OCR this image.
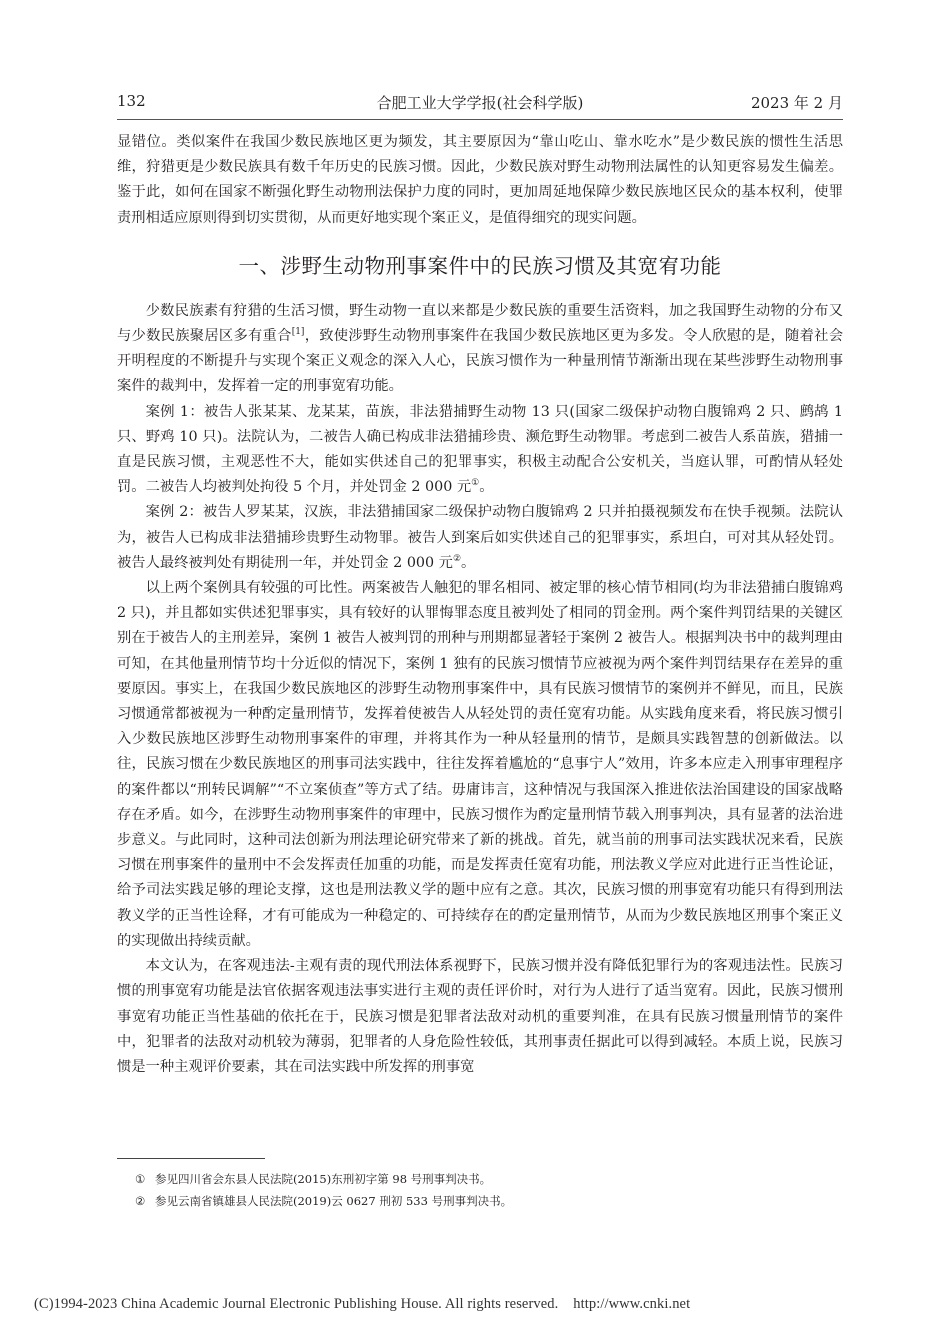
132	合肥工业大学学报(社会科学版)	2023 年 2 月

显错位。类似案件在我国少数民族地区更为频发，其主要原因为“靠山吃山、靠水吃水”是少数民族的惯性生活思维，狩猎更是少数民族具有数千年历史的民族习惯。因此，少数民族对野生动物刑法属性的认知更容易发生偏差。鉴于此，如何在国家不断强化野生动物刑法保护力度的同时，更加周延地保障少数民族地区民众的基本权利，使罪责刑相适应原则得到切实贯彻，从而更好地实现个案正义，是值得细究的现实问题。

一、涉野生动物刑事案件中的民族习惯及其宽宥功能

少数民族素有狩猎的生活习惯，野生动物一直以来都是少数民族的重要生活资料，加之我国野生动物的分布又与少数民族聚居区多有重合[1]，致使涉野生动物刑事案件在我国少数民族地区更为多发。令人欣慰的是，随着社会开明程度的不断提升与实现个案正义观念的深入人心，民族习惯作为一种量刑情节渐渐出现在某些涉野生动物刑事案件的裁判中，发挥着一定的刑事宽宥功能。

案例 1：被告人张某某、龙某某，苗族，非法猎捕野生动物 13 只(国家二级保护动物白腹锦鸡 2 只、鹧鸪 1 只、野鸡 10 只)。法院认为，二被告人确已构成非法猎捕珍贵、濒危野生动物罪。考虑到二被告人系苗族，猎捕一直是民族习惯，主观恶性不大，能如实供述自己的犯罪事实，积极主动配合公安机关，当庭认罪，可酌情从轻处罚。二被告人均被判处拘役 5 个月，并处罚金 2 000 元①。

案例 2：被告人罗某某，汉族，非法猎捕国家二级保护动物白腹锦鸡 2 只并拍摄视频发布在快手视频。法院认为，被告人已构成非法猎捕珍贵野生动物罪。被告人到案后如实供述自己的犯罪事实，系坦白，可对其从轻处罚。被告人最终被判处有期徒刑一年，并处罚金 2 000 元②。

以上两个案例具有较强的可比性。两案被告人触犯的罪名相同、被定罪的核心情节相同(均为非法猎捕白腹锦鸡 2 只)，并且都如实供述犯罪事实，具有较好的认罪悔罪态度且被判处了相同的罚金刑。两个案件判罚结果的关键区别在于被告人的主刑差异，案例 1 被告人被判罚的刑种与刑期都显著轻于案例 2 被告人。根据判决书中的裁判理由可知，在其他量刑情节均十分近似的情况下，案例 1 独有的民族习惯情节应被视为两个案件判罚结果存在差异的重要原因。事实上，在我国少数民族地区的涉野生动物刑事案件中，具有民族习惯情节的案例并不鲜见，而且，民族习惯通常都被视为一种酌定量刑情节，发挥着使被告人从轻处罚的责任宽宥功能。从实践角度来看，将民族习惯引入少数民族地区涉野生动物刑事案件的审理，并将其作为一种从轻量刑的情节，是颇具实践智慧的创新做法。以往，民族习惯在少数民族地区的刑事司法实践中，往往发挥着尴尬的“息事宁人”效用，许多本应走入刑事审理程序的案件都以“刑转民调解”“不立案侦查”等方式了结。毋庸讳言，这种情况与我国深入推进依法治国建设的国家战略存在矛盾。如今，在涉野生动物刑事案件的审理中，民族习惯作为酌定量刑情节载入刑事判决，具有显著的法治进步意义。与此同时，这种司法创新为刑法理论研究带来了新的挑战。首先，就当前的刑事司法实践状况来看，民族习惯在刑事案件的量刑中不会发挥责任加重的功能，而是发挥责任宽宥功能，刑法教义学应对此进行正当性论证，给予司法实践足够的理论支撑，这也是刑法教义学的题中应有之意。其次，民族习惯的刑事宽宥功能只有得到刑法教义学的正当性诠释，才有可能成为一种稳定的、可持续存在的酌定量刑情节，从而为少数民族地区刑事个案正义的实现做出持续贡献。

本文认为，在客观违法-主观有责的现代刑法体系视野下，民族习惯并没有降低犯罪行为的客观违法性。民族习惯的刑事宽宥功能是法官依据客观违法事实进行主观的责任评价时，对行为人进行了适当宽宥。因此，民族习惯刑事宽宥功能正当性基础的依托在于，民族习惯是犯罪者法敌对动机的重要判准，在具有民族习惯量刑情节的案件中，犯罪者的法敌对动机较为薄弱，犯罪者的人身危险性较低，其刑事责任据此可以得到减轻。本质上说，民族习惯是一种主观评价要素，其在司法实践中所发挥的刑事宽

① 参见四川省会东县人民法院(2015)东刑初字第 98 号刑事判决书。
② 参见云南省镇雄县人民法院(2019)云 0627 刑初 533 号刑事判决书。
(C)1994-2023 China Academic Journal Electronic Publishing House. All rights reserved.    http://www.cnki.net
